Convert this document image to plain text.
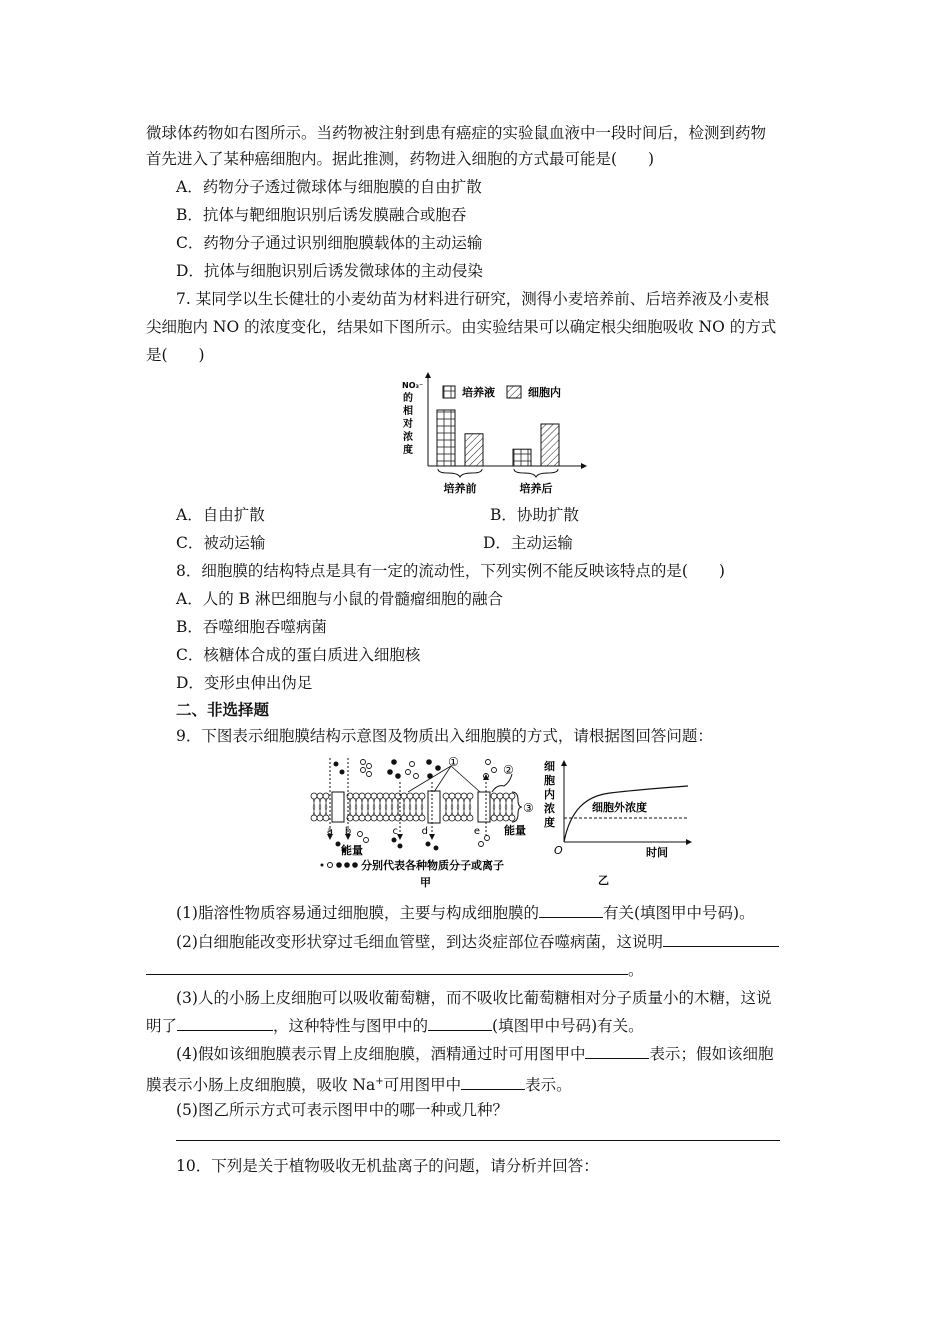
微球体药物如右图所示。当药物被注射到患有癌症的实验鼠血液中一段时间后，检测到药物
首先进入了某种癌细胞内。据此推测，药物进入细胞的方式最可能是(　　)
A．药物分子透过微球体与细胞膜的自由扩散
B．抗体与靶细胞识别后诱发膜融合或胞吞
C．药物分子通过识别细胞膜载体的主动运输
D．抗体与细胞识别后诱发微球体的主动侵染
7. 某同学以生长健壮的小麦幼苗为材料进行研究，测得小麦培养前、后培养液及小麦根
尖细胞内 NO 的浓度变化，结果如下图所示。由实验结果可以确定根尖细胞吸收 NO 的方式
是(　　)
NO₃⁻
的
相
对
浓
度
培养液	细胞内
培养前	培养后
A．自由扩散	B．协助扩散
C．被动运输	D．主动运输
8．细胞膜的结构特点是具有一定的流动性，下列实例不能反映该特点的是(　　)
A．人的 B 淋巴细胞与小鼠的骨髓瘤细胞的融合
B．吞噬细胞吞噬病菌
C．核糖体合成的蛋白质进入细胞核
D．变形虫伸出伪足
二、非选择题
9．下图表示细胞膜结构示意图及物质出入细胞膜的方式，请根据图回答问题：
①
②
③
a b	c d	e
能量
能量
分别代表各种物质分子或离子
甲
细
胞
内
浓
度
细胞外浓度
O	时间
乙
(1)脂溶性物质容易通过细胞膜，主要与构成细胞膜的	有关(填图甲中号码)。
(2)白细胞能改变形状穿过毛细血管壁，到达炎症部位吞噬病菌，这说明
。
(3)人的小肠上皮细胞可以吸收葡萄糖，而不吸收比葡萄糖相对分子质量小的木糖，这说
明了	，这种特性与图甲中的	(填图甲中号码)有关。
(4)假如该细胞膜表示胃上皮细胞膜，酒精通过时可用图甲中	表示；假如该细胞
膜表示小肠上皮细胞膜，吸收 Na+可用图甲中	表示。
(5)图乙所示方式可表示图甲中的哪一种或几种？
10．下列是关于植物吸收无机盐离子的问题，请分析并回答：
